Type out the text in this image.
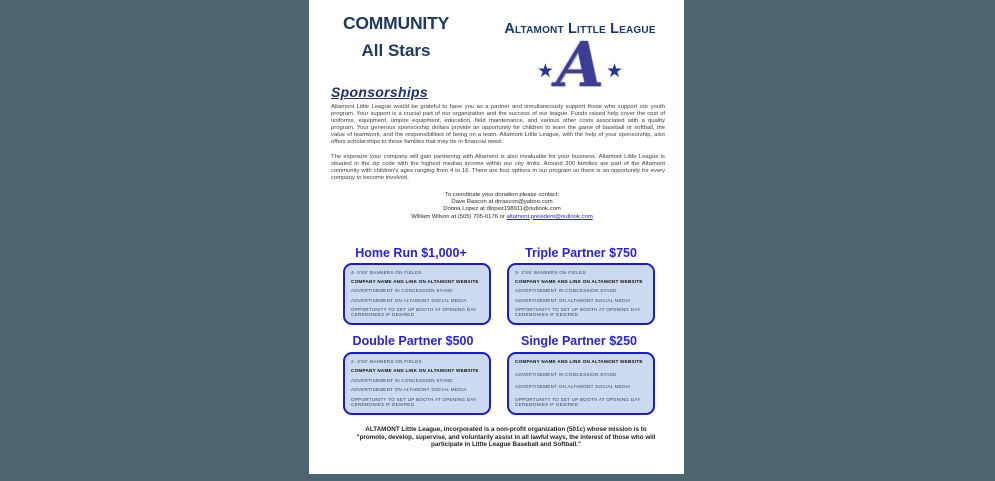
COMMUNITY
All Stars
Altamont Little League
★ A ★
Sponsorships
Altamont Little League would be grateful to have you as a partner and simultaneously support those who support our youth program. Your support is a crucial part of our organization and the success of our league. Funds raised help cover the cost of uniforms, equipment, umpire equipment, education, field maintenance, and various other costs associated with a quality program. Your generous sponsorship dollars provide an opportunity for children to learn the game of baseball or softball, the value of teamwork, and the responsibilities of being on a team. Altamont Little League, with the help of your sponsorship, also offers scholarships to those families that may be in financial need.
The exposure your company will gain partnering with Altamont is also invaluable for your business. Altamont Little League is situated in the zip code with the highest median income within our city limits. Around 300 families are part of the Altamont community with children's ages ranging from 4 to 16. There are four options in our program so there is an opportunity for every company to become involved.
To coordinate your donation please contact:
Dave Rascon at drrascon@yahoo.com
Donna Lopez at dlopez198911@outlook.com
William Wilson at (505) 705-0176 or altamont.president@outlook.com
Home Run $1,000+	Triple Partner $750
Double Partner $500	Single Partner $250
4- 3'X5' BANNERS ON FIELDS
COMPANY NAME AND LINK ON ALTAMONT WEBSITE
ADVERTISEMENT IN CONCESSION STAND
ADVERTISEMENT ON ALTAMONT SOCIAL MEDIA
OPPORTUNITY TO SET UP BOOTH AT OPENING DAY CEREMONIES IF DESIRED
3- 3'X5' BANNERS ON FIELDS
COMPANY NAME AND LINK ON ALTAMONT WEBSITE
ADVERTISEMENT IN CONCESSION STAND
ADVERTISEMENT ON ALTAMONT SOCIAL MEDIA
OPPORTUNITY TO SET UP BOOTH AT OPENING DAY CEREMONIES IF DESIRED
2- 3'X5' BANNERS ON FIELDS
COMPANY NAME AND LINK ON ALTAMONT WEBSITE
ADVERTISEMENT IN CONCESSION STAND
ADVERTISEMENT ON ALTAMONT SOCIAL MEDIA
OPPORTUNITY TO SET UP BOOTH AT OPENING DAY CEREMONIES IF DESIRED
COMPANY NAME AND LINK ON ALTAMONT WEBSITE
ADVERTISEMENT IN CONCESSION STAND
ADVERTISEMENT ON ALTAMONT SOCIAL MEDIA
OPPORTUNITY TO SET UP BOOTH AT OPENING DAY CEREMONIES IF DESIRED
ALTAMONT Little League, Incorporated is a non-profit organization (501c) whose mission is to "promote, develop, supervise, and voluntarily assist in all lawful ways, the interest of those who will participate in Little League Baseball and Softball."
